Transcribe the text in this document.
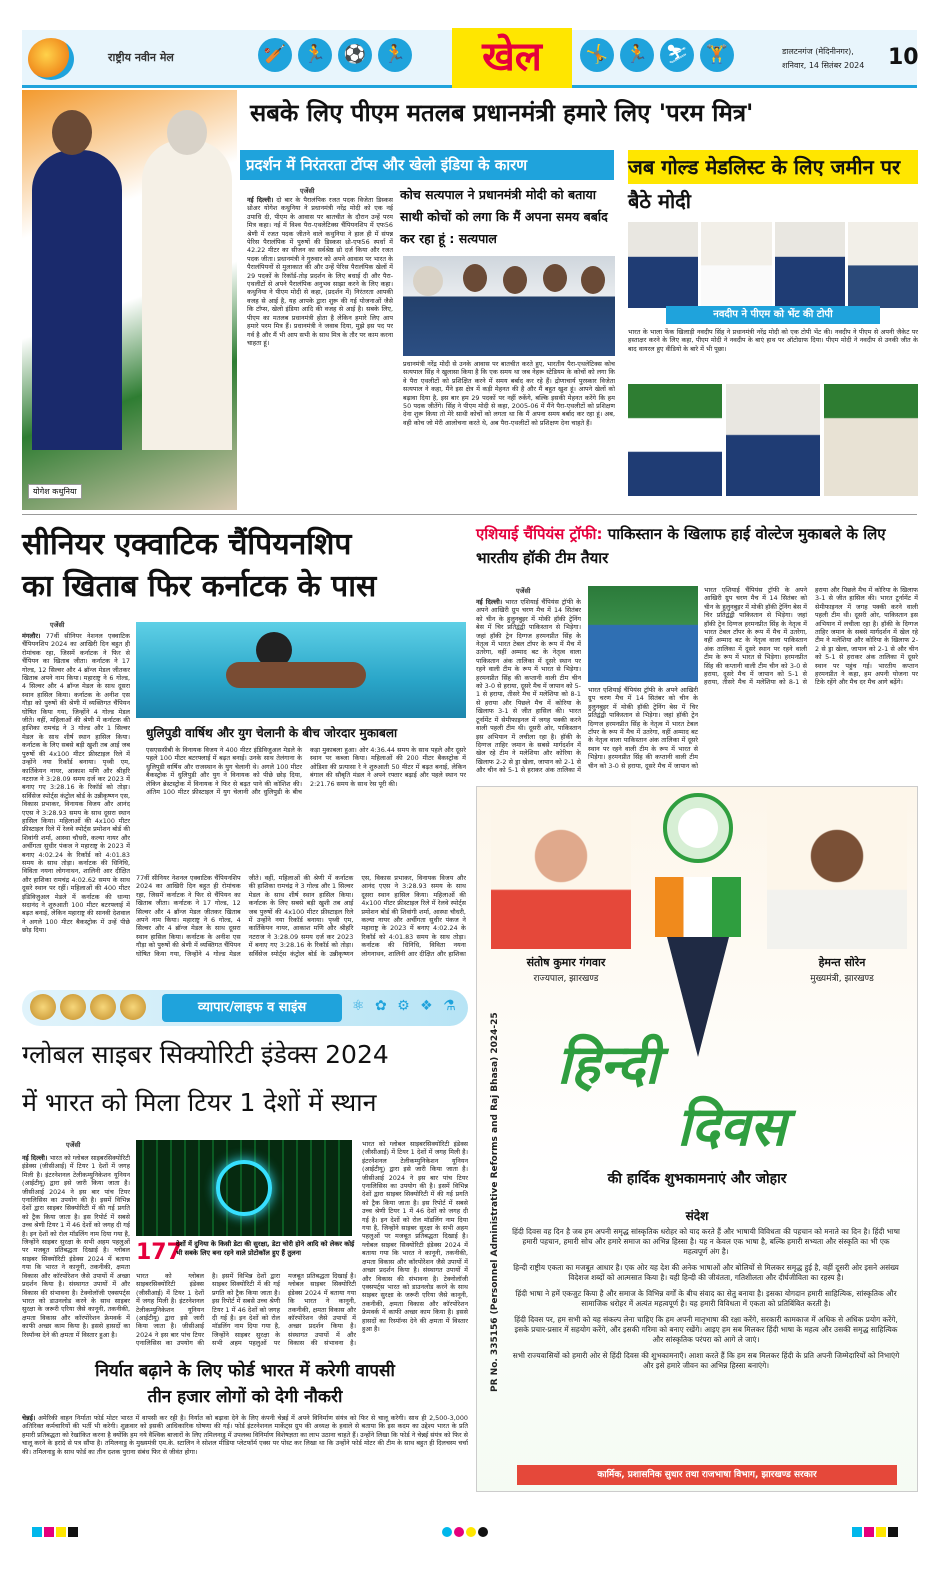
राष्ट्रीय नवीन मेल	🏏 🏃 ⚽ 🏃	खेल	🤸 🏃 ⛷ 🏋	डालटनगंज (मेदिनीनगर),
शनिवार, 14 सितंबर 2024 10
योगेश कथुनिया
सबके लिए पीएम मतलब प्रधानमंत्री हमारे लिए 'परम मित्र'
प्रदर्शन में निरंतरता टॉप्स और खेलो इंडिया के कारण
एजेंसी
नई दिल्ली। दो बार के पैरालंपिक रजत पदक विजेता डिस्कस थ्रोअर योगेश कथुनिया ने प्रधानमंत्री नरेंद्र मोदी को एक नई उपाधि दी, पीएम के आवास पर बातचीत के दौरान उन्हें परम मित्र कहा। नई में विश्व पैरा-एथलेटिक्स चैंपियनशिप में एफ56 श्रेणी में रजत पदक जीतने वाले कथुनिया ने हाल ही में संपन्न पेरिस पैरालंपिक में पुरुषों की डिस्कस थ्रो-एफ56 स्पर्धा में 42.22 मीटर का सीजन का सर्वश्रेष्ठ थ्रो दर्ज किया और रजत पदक जीता। प्रधानमंत्री ने गुरुवार को अपने आवास पर भारत के पैरालंपियनों से मुलाकात की और उन्हें पेरिस पैरालंपिक खेलों में 29 पदकों के रिकॉर्ड-तोड़ प्रदर्शन के लिए बधाई दी और पैरा-एथलीटों से अपने पैरालंपिक अनुभव साझा करने के लिए कहा। कथुनिया ने पीएम मोदी से कहा, (प्रदर्शन में) निरंतरता आपकी वजह से आई है, यह आपके द्वारा शुरू की गई योजनाओं जैसे कि टॉप्स, खेलो इंडिया आदि की वजह से आई है। सबके लिए, पीएम का मतलब प्रधानमंत्री होता है लेकिन हमारे लिए आप हमारे परम मित्र हैं। प्रधानमंत्री ने जवाब दिया, मुझे इस पद पर गर्व है और मैं भी आप सभी के साथ मित्र के तौर पर काम करना चाहता हूं।
कोच सत्यपाल ने प्रधानमंत्री मोदी को बताया साथी कोचों को लगा कि मैं अपना समय बर्बाद कर रहा हूं : सत्यपाल
प्रधानमंत्री नरेंद्र मोदी से उनके आवास पर बातचीत करते हुए, भारतीय पैरा-एथलेटिक्स कोच सत्यपाल सिंह ने खुलासा किया है कि एक समय था जब नेहरू स्टेडियम के कोचों को लगा कि वे पैरा एथलीटों को प्रशिक्षित करने में समय बर्बाद कर रहे हैं। द्रोणाचार्य पुरस्कार विजेता सत्यपाल ने कहा, मैंने इस क्षेत्र में कड़ी मेहनत की है और मैं बहुत खुश हूं। आपने खेलों को बढ़ावा दिया है, इस बार हम 29 पदकों पर नहीं रुकेंगे, बल्कि इसकी मेहनत करेंगे कि हम 50 पदक जीतेंगे। सिंह ने पीएम मोदी से कहा, 2005-06 में मैंने पैरा-एथलीटों को प्रशिक्षण देना शुरू किया तो मेरे साथी कोचों को लगता था कि मैं अपना समय बर्बाद कर रहा हूं। अब, वही कोच जो मेरी आलोचना करते थे, अब पैरा-एथलीटों को प्रशिक्षण देना चाहते हैं।
जब गोल्ड मेडलिस्ट के लिए जमीन पर बैठे मोदी
नवदीप ने पीएम को भेंट की टोपी
भारत के भाला फेंक खिलाड़ी नवदीप सिंह ने प्रधानमंत्री नरेंद्र मोदी को एक टोपी भेंट की। नवदीप ने पीएम से अपनी जैकेट पर हस्ताक्षर करने के लिए कहा, पीएम मोदी ने नवदीप के बाएं हाथ पर ऑटोग्राफ दिया। पीएम मोदी ने नवदीप से उनकी जीत के बाद वायरल हुए वीडियो के बारे में भी पूछा।
सीनियर एक्वाटिक चैंपियनशिप
का खिताब फिर कर्नाटक के पास
एजेंसी
मंगलौर। 77वीं सीनियर नेशनल एक्वाटिक चैंपियनशिप 2024 का आखिरी दिन बहुत ही रोमांचक रहा, जिसमें कर्नाटक ने फिर से चैंपियन का खिताब जीता। कर्नाटक ने 17 गोल्ड, 12 सिल्वर और 4 ब्रॉन्ज मेडल जीतकर खिताब अपने नाम किया। महाराष्ट्र ने 6 गोल्ड, 4 सिल्वर और 4 ब्रॉन्ज मेडल के साथ दूसरा स्थान हासिल किया। कर्नाटक के अनीश एस गौड़ा को पुरुषों की श्रेणी में व्यक्तिगत चैंपियन घोषित किया गया, जिन्होंने 4 गोल्ड मेडल जीते। वहीं, महिलाओं की श्रेणी में कर्नाटक की हाशिका रामचंद्र ने 3 गोल्ड और 1 सिल्वर मेडल के साथ शीर्ष स्थान हासिल किया। कर्नाटक के लिए सबसे बड़ी खुशी तब आई जब पुरुषों की 4x100 मीटर फ्रीस्टाइल रिले में उन्होंने नया रिकॉर्ड बनाया। पृथ्वी एम, कार्तिकेयन नायर, आकाश मणि और श्रीहरि नटराज ने 3:28.09 समय दर्ज कर 2023 में बनाए गए 3:28.16 के रिकॉर्ड को तोड़ा। सर्विसेज स्पोर्ट्स कंट्रोल बोर्ड के उन्नीकृष्णन एस, विकास प्रभाकर, विनायक विजय और आनंद एएस ने 3:28.93 समय के साथ दूसरा स्थान हासिल किया। महिलाओं की 4x100 मीटर फ्रीस्टाइल रिले में रेलवे स्पोर्ट्स प्रमोशन बोर्ड की शिवांगी शर्मा, आस्था चौधरी, कल्या नायर और अर्चीगता सुधीर पंकज ने महाराष्ट्र के 2023 में बनाए 4:02.24 के रिकॉर्ड को 4:01.83 समय के साथ तोड़ा। कर्नाटक की धिनिधि, विविता नयना लोगनाथन, शालिनी आर दीक्षित और हाशिका रामचंद्र 4:02.62 समय के साथ दूसरे स्थान पर रहीं। महिलाओं की 400 मीटर इंडिविजुअल मेडले में कर्नाटक की धान्या सदानंद ने शुरुआती 100 मीटर बटरफ्लाई में बढ़त बनाई, लेकिन महाराष्ट्र की सानवी देशवाल ने अगले 100 मीटर बैकस्ट्रोक में उन्हें पीछे छोड़ दिया।
धुलिपुडी वार्षिथ और युग चेलानी के बीच जोरदार मुकाबला
एसएससीबी के विनायक विजय ने 400 मीटर इंडिविजुअल मेडले के पहले 100 मीटर बटरफ्लाई में बढ़त बनाई। उनके साथ तेलंगाना के धुलिपुडी वार्षिथ और राजस्थान के युग चेलानी थे। अगले 100 मीटर बैकस्ट्रोक में धुलिपुडी और युग ने विनायक को पीछे छोड़ दिया, लेकिन ब्रेस्टस्ट्रोक में विनायक ने फिर से बढ़त पाने की कोशिश की। अंतिम 100 मीटर फ्रीस्टाइल में युग चेलानी और धुलिपुडी के बीच कड़ा मुकाबला हुआ। ओर 4:36.44 समय के साथ पहले और दूसरे स्थान पर कब्जा किया। महिलाओं की 200 मीटर बैकस्ट्रोक में ओडिशा की प्रत्यासा रे ने शुरुआती 50 मीटर में बढ़त बनाई, लेकिन बंगाल की सौबृति मंडल ने अपने रफ्तार बढ़ाई और पहले स्थान पर 2:21.76 समय के साथ रेस पूरी की।
77वीं सीनियर नेशनल एक्वाटिक चैंपियनशिप 2024 का आखिरी दिन बहुत ही रोमांचक रहा, जिसमें कर्नाटक ने फिर से चैंपियन का खिताब जीता। कर्नाटक ने 17 गोल्ड, 12 सिल्वर और 4 ब्रॉन्ज मेडल जीतकर खिताब अपने नाम किया। महाराष्ट्र ने 6 गोल्ड, 4 सिल्वर और 4 ब्रॉन्ज मेडल के साथ दूसरा स्थान हासिल किया। कर्नाटक के अनीश एस गौड़ा को पुरुषों की श्रेणी में व्यक्तिगत चैंपियन घोषित किया गया, जिन्होंने 4 गोल्ड मेडल जीते। वहीं, महिलाओं की श्रेणी में कर्नाटक की हाशिका रामचंद्र ने 3 गोल्ड और 1 सिल्वर मेडल के साथ शीर्ष स्थान हासिल किया। कर्नाटक के लिए सबसे बड़ी खुशी तब आई जब पुरुषों की 4x100 मीटर फ्रीस्टाइल रिले में उन्होंने नया रिकॉर्ड बनाया। पृथ्वी एम, कार्तिकेयन नायर, आकाश मणि और श्रीहरि नटराज ने 3:28.09 समय दर्ज कर 2023 में बनाए गए 3:28.16 के रिकॉर्ड को तोड़ा। सर्विसेज स्पोर्ट्स कंट्रोल बोर्ड के उन्नीकृष्णन एस, विकास प्रभाकर, विनायक विजय और आनंद एएस ने 3:28.93 समय के साथ दूसरा स्थान हासिल किया। महिलाओं की 4x100 मीटर फ्रीस्टाइल रिले में रेलवे स्पोर्ट्स प्रमोशन बोर्ड की शिवांगी शर्मा, आस्था चौधरी, कल्या नायर और अर्चीगता सुधीर पंकज ने महाराष्ट्र के 2023 में बनाए 4:02.24 के रिकॉर्ड को 4:01.83 समय के साथ तोड़ा। कर्नाटक की धिनिधि, विविता नयना लोगनाथन, शालिनी आर दीक्षित और हाशिका
एशियाई चैंपियंस ट्रॉफी: पाकिस्तान के खिलाफ हाई वोल्टेज मुकाबले के लिए भारतीय हॉकी टीम तैयार
एजेंसी
नई दिल्ली। भारत एशियाई चैंपियंस ट्रॉफी के अपने आखिरी ग्रुप चरण मैच में 14 सितंबर को चीन के हुलुनबुइर में मोकी हॉकी ट्रेनिंग बेस में चिर प्रतिद्वंद्वी पाकिस्तान से भिड़ेगा। जहां हॉकी ट्रेन दिग्गज हरमनप्रीत सिंह के नेतृत्व में भारत टेबल टॉपर के रूप में मैच में उतरेगा, वहीं अम्माद बट के नेतृत्व वाला पाकिस्तान अंक तालिका में दूसरे स्थान पर रहने वाली टीम के रूप में भारत से भिड़ेगा। हरमनप्रीत सिंह की कप्तानी वाली टीम चीन को 3-0 से हराया, दूसरे मैच में जापान को 5-1 से हराया, तीसरे मैच में मलेशिया को 8-1 से हराया और पिछले मैच में कोरिया के खिलाफ 3-1 से जीत हासिल की। भारत टूर्नामेंट में सेमीफाइनल में जगह पक्की करने वाली पहली टीम थी। दूसरी ओर, पाकिस्तान इस अभियान में लचीला रहा है। हॉकी के दिग्गज ताहिर जमान के सबसे मार्गदर्शन में खेल रहे टीम ने मलेशिया और कोरिया के खिलाफ 2-2 से ड्रा खेला, जापान को 2-1 से और चीन को 5-1 से हराकर अंक तालिका में
भारत एशियाई चैंपियंस ट्रॉफी के अपने आखिरी ग्रुप चरण मैच में 14 सितंबर को चीन के हुलुनबुइर में मोकी हॉकी ट्रेनिंग बेस में चिर प्रतिद्वंद्वी पाकिस्तान से भिड़ेगा। जहां हॉकी ट्रेन दिग्गज हरमनप्रीत सिंह के नेतृत्व में भारत टेबल टॉपर के रूप में मैच में उतरेगा, वहीं अम्माद बट के नेतृत्व वाला पाकिस्तान अंक तालिका में दूसरे स्थान पर रहने वाली टीम के रूप में भारत से भिड़ेगा। हरमनप्रीत सिंह की कप्तानी वाली टीम चीन को 3-0 से हराया, दूसरे मैच में जापान को
भारत एशियाई चैंपियंस ट्रॉफी के अपने आखिरी ग्रुप चरण मैच में 14 सितंबर को चीन के हुलुनबुइर में मोकी हॉकी ट्रेनिंग बेस में चिर प्रतिद्वंद्वी पाकिस्तान से भिड़ेगा। जहां हॉकी ट्रेन दिग्गज हरमनप्रीत सिंह के नेतृत्व में भारत टेबल टॉपर के रूप में मैच में उतरेगा, वहीं अम्माद बट के नेतृत्व वाला पाकिस्तान अंक तालिका में दूसरे स्थान पर रहने वाली टीम के रूप में भारत से भिड़ेगा। हरमनप्रीत सिंह की कप्तानी वाली टीम चीन को 3-0 से हराया, दूसरे मैच में जापान को 5-1 से हराया, तीसरे मैच में मलेशिया को 8-1 से हराया और पिछले मैच में कोरिया के खिलाफ 3-1 से जीत हासिल की। भारत टूर्नामेंट में सेमीफाइनल में जगह पक्की करने वाली पहली टीम थी। दूसरी ओर, पाकिस्तान इस अभियान में लचीला रहा है। हॉकी के दिग्गज ताहिर जमान के सबसे मार्गदर्शन में खेल रहे टीम ने मलेशिया और कोरिया के खिलाफ 2-2 से ड्रा खेला, जापान को 2-1 से और चीन को 5-1 से हराकर अंक तालिका में दूसरे स्थान पर पहुंच गई। भारतीय कप्तान हरमनप्रीत ने कहा, हम अपनी योजना पर टिके रहेंगे और मैच दर मैच आगे बढ़ेंगे।
PR No. 335156 (Personnel Administrative Reforms and Raj Bhasa) 2024-25
संतोष कुमार गंगवार
राज्यपाल, झारखण्ड
हेमन्त सोरेन
मुख्यमंत्री, झारखण्ड
हिन्दी
दिवस
की हार्दिक शुभकामनाएं और जोहार
संदेश

हिंदी दिवस वह दिन है जब हम अपनी समृद्ध सांस्कृतिक धरोहर को याद करते हैं और भाषायी विविधता की पहचान को मनाते का दिन है। हिंदी भाषा हमारी पहचान, हमारी सोच और हमारे समाज का अभिन्न हिस्सा है। यह न केवल एक भाषा है, बल्कि हमारी सभ्यता और संस्कृति का भी एक महत्वपूर्ण अंग है।

हिन्दी राष्ट्रीय एकता का मजबूत आधार है। एक ओर यह देश की अनेक भाषाओं और बोलियों से मिलकर समृद्ध हुई है, वहीं दूसरी ओर इसने असंख्य विदेशज शब्दों को आत्मसात किया है। यही हिन्दी की जीवंतता, गतिशीलता और दीर्घजीविता का रहस्य है।

हिंदी भाषा ने हमें एकजुट किया है और समाज के विभिन्न वर्गों के बीच संवाद का सेतु बनाया है। इसका योगदान हमारी साहित्यिक, सांस्कृतिक और सामाजिक धरोहर में अत्यंत महत्वपूर्ण है। यह हमारी विविधता में एकता को प्रतिबिंबित करती है।

हिंदी दिवस पर, हम सभी को यह संकल्प लेना चाहिए कि हम अपनी मातृभाषा की रक्षा करेंगे, सरकारी कामकाज में अधिक से अधिक प्रयोग करेंगे, इसके प्रचार-प्रसार में सहयोग करेंगे, और इसकी गरिमा को बनाए रखेंगे। आइए हम सब मिलकर हिंदी भाषा के महत्व और उसकी समृद्ध साहित्यिक और सांस्कृतिक परंपरा को आगे ले जाएं।

सभी राज्यवासियों को हमारी ओर से हिंदी दिवस की शुभकामनाएँ। आशा करते हैं कि हम सब मिलकर हिंदी के प्रति अपनी जिम्मेदारियों को निभाएंगे और इसे हमारे जीवन का अभिन्न हिस्सा बनाएंगे।

कार्मिक, प्रशासनिक सुधार तथा राजभाषा विभाग, झारखण्ड सरकार
व्यापार/लाइफ व साइंस	⚛ ✿ ⚙ ❖ ⚗
ग्लोबल साइबर सिक्योरिटी इंडेक्स 2024
में भारत को मिला टियर 1 देशों में स्थान
एजेंसी
नई दिल्ली। भारत को ग्लोबल साइबरसिक्योरिटी इंडेक्स (जीसीआई) में टियर 1 देशों में जगह मिली है। इंटरनेशनल टेलीकम्युनिकेशन यूनियन (आईटीयू) द्वारा इसे जारी किया जाता है। जीसीआई 2024 ने इस बार पांच टियर एनालिसिस का उपयोग की है। इसमें विभिन्न देशों द्वारा साइबर सिक्योरिटी में की गई प्रगति को ट्रैक किया जाता है। इस रिपोर्ट में सबसे उच्च श्रेणी टियर 1 में 46 देशों को जगह दी गई है। इन देशों को रोल मॉडलिंग नाम दिया गया है, जिन्होंने साइबर सुरक्षा के सभी अहम पहलुओं पर मजबूत प्रतिबद्धता दिखाई है। ग्लोबल साइबर सिक्योरिटी इंडेक्स 2024 में बताया गया कि भारत ने कानूनी, तकनीकी, क्षमता विकास और कॉरपोरेशन जैसे उपायों में अच्छा प्रदर्शन किया है। संस्थागत उपायों में और विकास की संभावना है। टेक्नोलॉजी एक्सपर्ट्स भारत को डाउनलोड करने के साथ साइबर सुरक्षा के जरूरी एरिया जैसे कानूनी, तकनीकी, क्षमता विकास और कॉरपोरेशन फ्रेमवर्क में काफी अच्छा काम किया है। इससे हासदों का रिस्पॉन्स देने की क्षमता में विस्तार हुआ है।
177
देशों में दुनिया के किसी डेटा की सुरक्षा, डेटा चोरी होने आदि को लेकर कोई भी सबके लिए बना रहने वाले प्रोटोकॉल हुए हैं तुलना
भारत को ग्लोबल साइबरसिक्योरिटी इंडेक्स (जीसीआई) में टियर 1 देशों में जगह मिली है। इंटरनेशनल टेलीकम्युनिकेशन यूनियन (आईटीयू) द्वारा इसे जारी किया जाता है। जीसीआई 2024 ने इस बार पांच टियर एनालिसिस का उपयोग की है। इसमें विभिन्न देशों द्वारा साइबर सिक्योरिटी में की गई प्रगति को ट्रैक किया जाता है। इस रिपोर्ट में सबसे उच्च श्रेणी टियर 1 में 46 देशों को जगह दी गई है। इन देशों को रोल मॉडलिंग नाम दिया गया है, जिन्होंने साइबर सुरक्षा के सभी अहम पहलुओं पर मजबूत प्रतिबद्धता दिखाई है। ग्लोबल साइबर सिक्योरिटी इंडेक्स 2024 में बताया गया कि भारत ने कानूनी, तकनीकी, क्षमता विकास और कॉरपोरेशन जैसे उपायों में अच्छा प्रदर्शन किया है। संस्थागत उपायों में और विकास की संभावना है।
भारत को ग्लोबल साइबरसिक्योरिटी इंडेक्स (जीसीआई) में टियर 1 देशों में जगह मिली है। इंटरनेशनल टेलीकम्युनिकेशन यूनियन (आईटीयू) द्वारा इसे जारी किया जाता है। जीसीआई 2024 ने इस बार पांच टियर एनालिसिस का उपयोग की है। इसमें विभिन्न देशों द्वारा साइबर सिक्योरिटी में की गई प्रगति को ट्रैक किया जाता है। इस रिपोर्ट में सबसे उच्च श्रेणी टियर 1 में 46 देशों को जगह दी गई है। इन देशों को रोल मॉडलिंग नाम दिया गया है, जिन्होंने साइबर सुरक्षा के सभी अहम पहलुओं पर मजबूत प्रतिबद्धता दिखाई है। ग्लोबल साइबर सिक्योरिटी इंडेक्स 2024 में बताया गया कि भारत ने कानूनी, तकनीकी, क्षमता विकास और कॉरपोरेशन जैसे उपायों में अच्छा प्रदर्शन किया है। संस्थागत उपायों में और विकास की संभावना है। टेक्नोलॉजी एक्सपर्ट्स भारत को डाउनलोड करने के साथ साइबर सुरक्षा के जरूरी एरिया जैसे कानूनी, तकनीकी, क्षमता विकास और कॉरपोरेशन फ्रेमवर्क में काफी अच्छा काम किया है। इससे हासदों का रिस्पॉन्स देने की क्षमता में विस्तार हुआ है।
निर्यात बढ़ाने के लिए फोर्ड भारत में करेगी वापसी
तीन हजार लोगों को देगी नौकरी
चेन्नई। अमेरिकी वाहन निर्माता फोर्ड मोटर भारत में वापसी कर रही है। निर्यात को बढ़ावा देने के लिए कंपनी चेन्नई में अपने विनिर्माण संयंत्र को फिर से चालू करेगी। साथ ही 2,500-3,000 अतिरिक्त कर्मचारियों की भर्ती भी करेगी। शुक्रवार को इसकी आधिकारिक घोषणा की गई। फोर्ड इंटरनेशनल मार्केट्स ग्रुप की अध्यक्ष के हवाले से बताया कि इस कदम का उद्देश्य भारत के प्रति हमारी प्रतिबद्धता को रेखांकित करना है क्योंकि हम नये वैश्विक बाजारों के लिए तमिलनाडु में उपलब्ध विनिर्माण विशेषज्ञता का लाभ उठाना चाहते हैं। उन्होंने लिखा कि फोर्ड ने चेन्नई संयंत्र को फिर से चालू करने के इरादे से पत्र सौंपा है। तमिलनाडु के मुख्यमंत्री एम.के. स्टालिन ने सोशल मीडिया प्लेटफॉर्म एक्स पर पोस्ट कर लिखा था कि उन्होंने फोर्ड मोटर की टीम के साथ बहुत ही दिलचस्प चर्चा की। तमिलनाडु के साथ फोर्ड का तीन दशक पुराना संबंध फिर से जीवंत होगा।
